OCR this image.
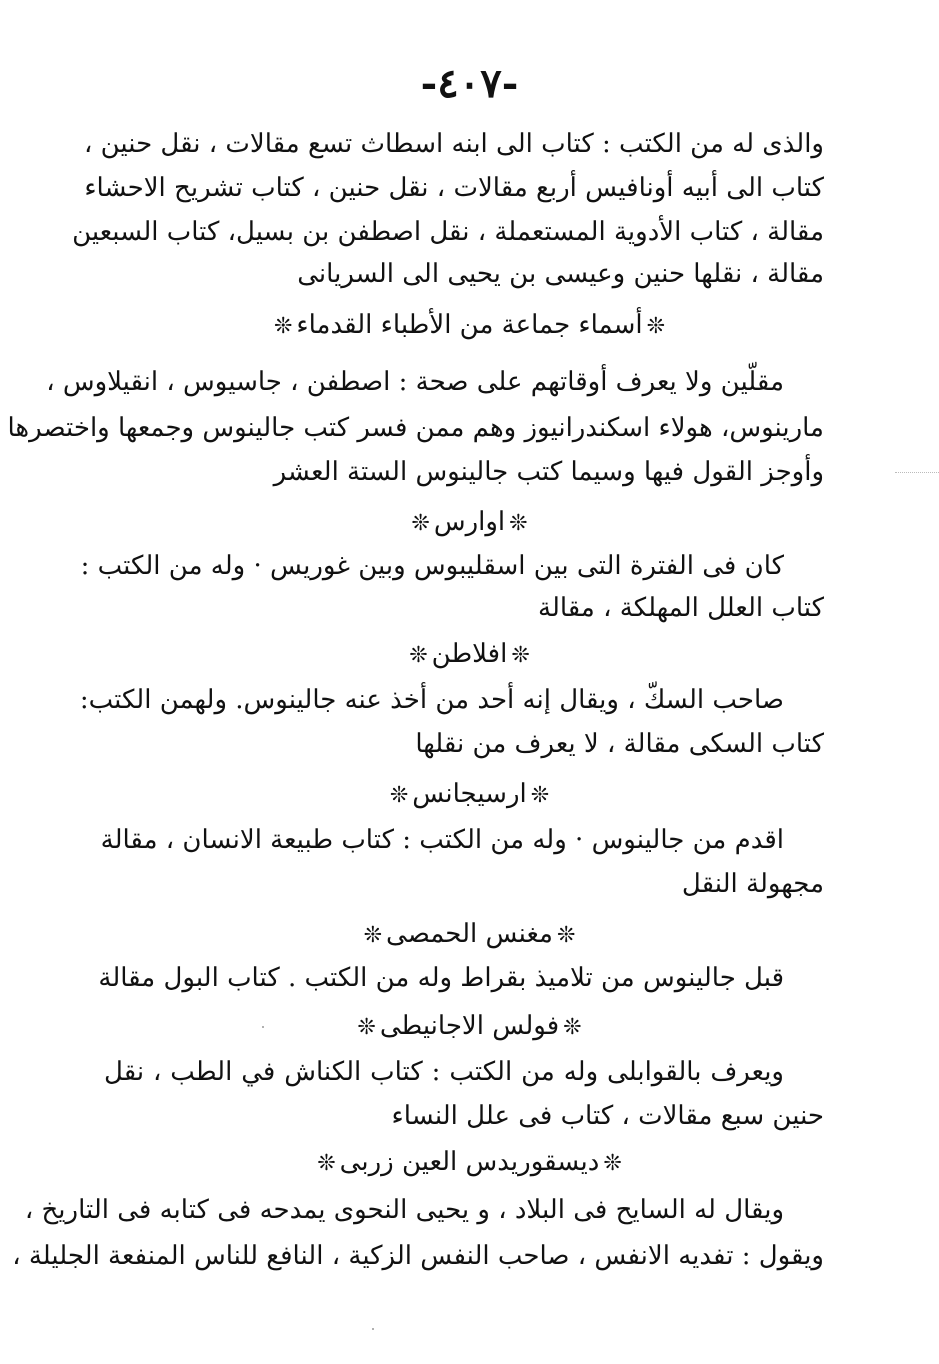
-٤٠٧-
والذى له من الكتب : كتاب الى ابنه اسطاث تسع مقالات ، نقل حنين ،
كتاب الى أبيه أونافيس أربع مقالات ، نقل حنين ، كتاب تشريح الاحشاء
مقالة ، كتاب الأدوية المستعملة ، نقل اصطفن بن بسيل، كتاب السبعين
مقالة ، نقلها حنين وعيسى بن يحيى الى السريانى
❊أسماء جماعة من الأطباء القدماء❊
مقلّين ولا يعرف أوقاتهم على صحة : اصطفن ، جاسيوس ، انقيلاوس ،
مارينوس، هولاء اسكندرانيوز وهم ممن فسر كتب جالينوس وجمعها واختصرها
وأوجز القول فيها وسيما كتب جالينوس الستة العشر
❊اوارس❊
كان فى الفترة التى بين اسقليبوس وبين غوريس · وله من الكتب :
كتاب العلل المهلكة ، مقالة
❊افلاطن❊
صاحب السكّ ، ويقال إنه أحد من أخذ عنه جالينوس. ولهمن الكتب:
كتاب السكى مقالة ، لا يعرف من نقلها
❊ارسيجانس❊
اقدم من جالينوس · وله من الكتب : كتاب طبيعة الانسان ، مقالة
مجهولة النقل
❊مغنس الحمصى❊
قبل جالينوس من تلاميذ بقراط وله من الكتب . كتاب البول مقالة
❊فولس الاجانيطى❊
ويعرف بالقوابلى وله من الكتب : كتاب الكناش في الطب ، نقل
حنين سبع مقالات ، كتاب فى علل النساء
❊ديسقوريدس العين زربى❊
ويقال له السايح فى البلاد ، و يحيى النحوى يمدحه فى كتابه فى التاريخ ،
ويقول : تفديه الانفس ، صاحب النفس الزكية ، النافع للناس المنفعة الجليلة ،
